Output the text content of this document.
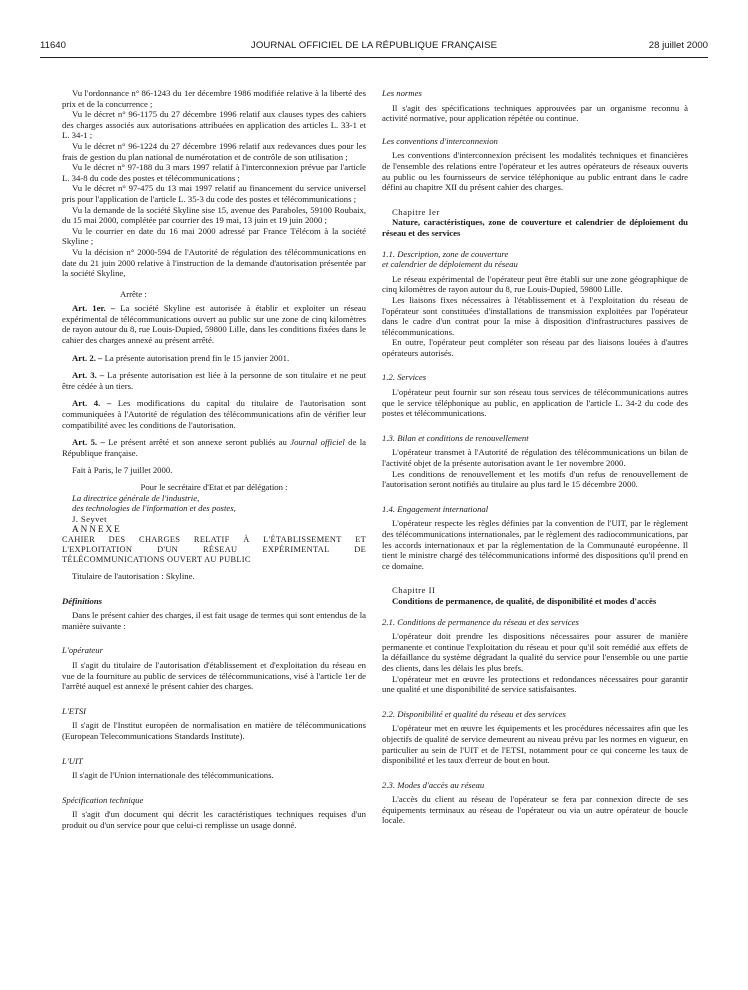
11640	JOURNAL OFFICIEL DE LA RÉPUBLIQUE FRANÇAISE	28 juillet 2000

Vu l'ordonnance n° 86-1243 du 1er décembre 1986 modifiée relative à la liberté des prix et de la concurrence ;

Vu le décret n° 96-1175 du 27 décembre 1996 relatif aux clauses types des cahiers des charges associés aux autorisations attribuées en application des articles L. 33-1 et L. 34-1 ;

Vu le décret n° 96-1224 du 27 décembre 1996 relatif aux redevances dues pour les frais de gestion du plan national de numérotation et de contrôle de son utilisation ;

Vu le décret n° 97-188 du 3 mars 1997 relatif à l'interconnexion prévue par l'article L. 34-8 du code des postes et télécommunications ;

Vu le décret n° 97-475 du 13 mai 1997 relatif au financement du service universel pris pour l'application de l'article L. 35-3 du code des postes et télécommunications ;

Vu la demande de la société Skyline sise 15, avenue des Paraboles, 59100 Roubaix, du 15 mai 2000, complétée par courrier des 19 mai, 13 juin et 19 juin 2000 ;

Vu le courrier en date du 16 mai 2000 adressé par France Télécom à la société Skyline ;

Vu la décision n° 2000-594 de l'Autorité de régulation des télécommunications en date du 21 juin 2000 relative à l'instruction de la demande d'autorisation présentée par la société Skyline,

Arrête :

Art. 1er. – La société Skyline est autorisée à établir et exploiter un réseau expérimental de télécommunications ouvert au public sur une zone de cinq kilomètres de rayon autour du 8, rue Louis-Dupied, 59800 Lille, dans les conditions fixées dans le cahier des charges annexé au présent arrêté.

Art. 2. – La présente autorisation prend fin le 15 janvier 2001.

Art. 3. – La présente autorisation est liée à la personne de son titulaire et ne peut être cédée à un tiers.

Art. 4. – Les modifications du capital du titulaire de l'autorisation sont communiquées à l'Autorité de régulation des télécommunications afin de vérifier leur compatibilité avec les conditions de l'autorisation.

Art. 5. – Le présent arrêté et son annexe seront publiés au Journal officiel de la République française.

Fait à Paris, le 7 juillet 2000.

Pour le secrétaire d'Etat et par délégation :

La directrice générale de l'industrie,

des technologies de l'information et des postes,

J. Seyvet

ANNEXE

CAHIER DES CHARGES RELATIF À L'ÉTABLISSEMENT ET L'EXPLOITATION D'UN RÉSEAU EXPÉRIMENTAL DE TÉLÉCOMMUNICATIONS OUVERT AU PUBLIC

Titulaire de l'autorisation : Skyline.

Définitions

Dans le présent cahier des charges, il est fait usage de termes qui sont entendus de la manière suivante :

L'opérateur

Il s'agit du titulaire de l'autorisation d'établissement et d'exploitation du réseau en vue de la fourniture au public de services de télécommunications, visé à l'article 1er de l'arrêté auquel est annexé le présent cahier des charges.

L'ETSI

Il s'agit de l'Institut européen de normalisation en matière de télécommunications (European Telecommunications Standards Institute).

L'UIT

Il s'agit de l'Union internationale des télécommunications.

Spécification technique

Il s'agit d'un document qui décrit les caractéristiques techniques requises d'un produit ou d'un service pour que celui-ci remplisse un usage donné.

Les normes

Il s'agit des spécifications techniques approuvées par un organisme reconnu à activité normative, pour application répétée ou continue.

Les conventions d'interconnexion

Les conventions d'interconnexion précisent les modalités techniques et financières de l'ensemble des relations entre l'opérateur et les autres opérateurs de réseaux ouverts au public ou les fournisseurs de service téléphonique au public entrant dans le cadre défini au chapitre XII du présent cahier des charges.

Chapitre Ier

Nature, caractéristiques, zone de couverture et calendrier de déploiement du réseau et des services

1.1. Description, zone de couverture

et calendrier de déploiement du réseau

Le réseau expérimental de l'opérateur peut être établi sur une zone géographique de cinq kilomètres de rayon autour du 8, rue Louis-Dupied, 59800 Lille.

Les liaisons fixes nécessaires à l'établissement et à l'exploitation du réseau de l'opérateur sont constituées d'installations de transmission exploitées par l'opérateur dans le cadre d'un contrat pour la mise à disposition d'infrastructures passives de télécommunications.

En outre, l'opérateur peut compléter son réseau par des liaisons louées à d'autres opérateurs autorisés.

1.2. Services

L'opérateur peut fournir sur son réseau tous services de télécommunications autres que le service téléphonique au public, en application de l'article L. 34-2 du code des postes et télécommunications.

1.3. Bilan et conditions de renouvellement

L'opérateur transmet à l'Autorité de régulation des télécommunications un bilan de l'activité objet de la présente autorisation avant le 1er novembre 2000.

Les conditions de renouvellement et les motifs d'un refus de renouvellement de l'autorisation seront notifiés au titulaire au plus tard le 15 décembre 2000.

1.4. Engagement international

L'opérateur respecte les règles définies par la convention de l'UIT, par le règlement des télécommunications internationales, par le règlement des radiocommunications, par les accords internationaux et par la réglementation de la Communauté européenne. Il tient le ministre chargé des télécommunications informé des dispositions qu'il prend en ce domaine.

Chapitre II

Conditions de permanence, de qualité, de disponibilité et modes d'accès

2.1. Conditions de permanence du réseau et des services

L'opérateur doit prendre les dispositions nécessaires pour assurer de manière permanente et continue l'exploitation du réseau et pour qu'il soit remédié aux effets de la défaillance du système dégradant la qualité du service pour l'ensemble ou une partie des clients, dans les délais les plus brefs.

L'opérateur met en œuvre les protections et redondances nécessaires pour garantir une qualité et une disponibilité de service satisfaisantes.

2.2. Disponibilité et qualité du réseau et des services

L'opérateur met en œuvre les équipements et les procédures nécessaires afin que les objectifs de qualité de service demeurent au niveau prévu par les normes en vigueur, en particulier au sein de l'UIT et de l'ETSI, notamment pour ce qui concerne les taux de disponibilité et les taux d'erreur de bout en bout.

2.3. Modes d'accès au réseau

L'accès du client au réseau de l'opérateur se fera par connexion directe de ses équipements terminaux au réseau de l'opérateur ou via un autre opérateur de boucle locale.
